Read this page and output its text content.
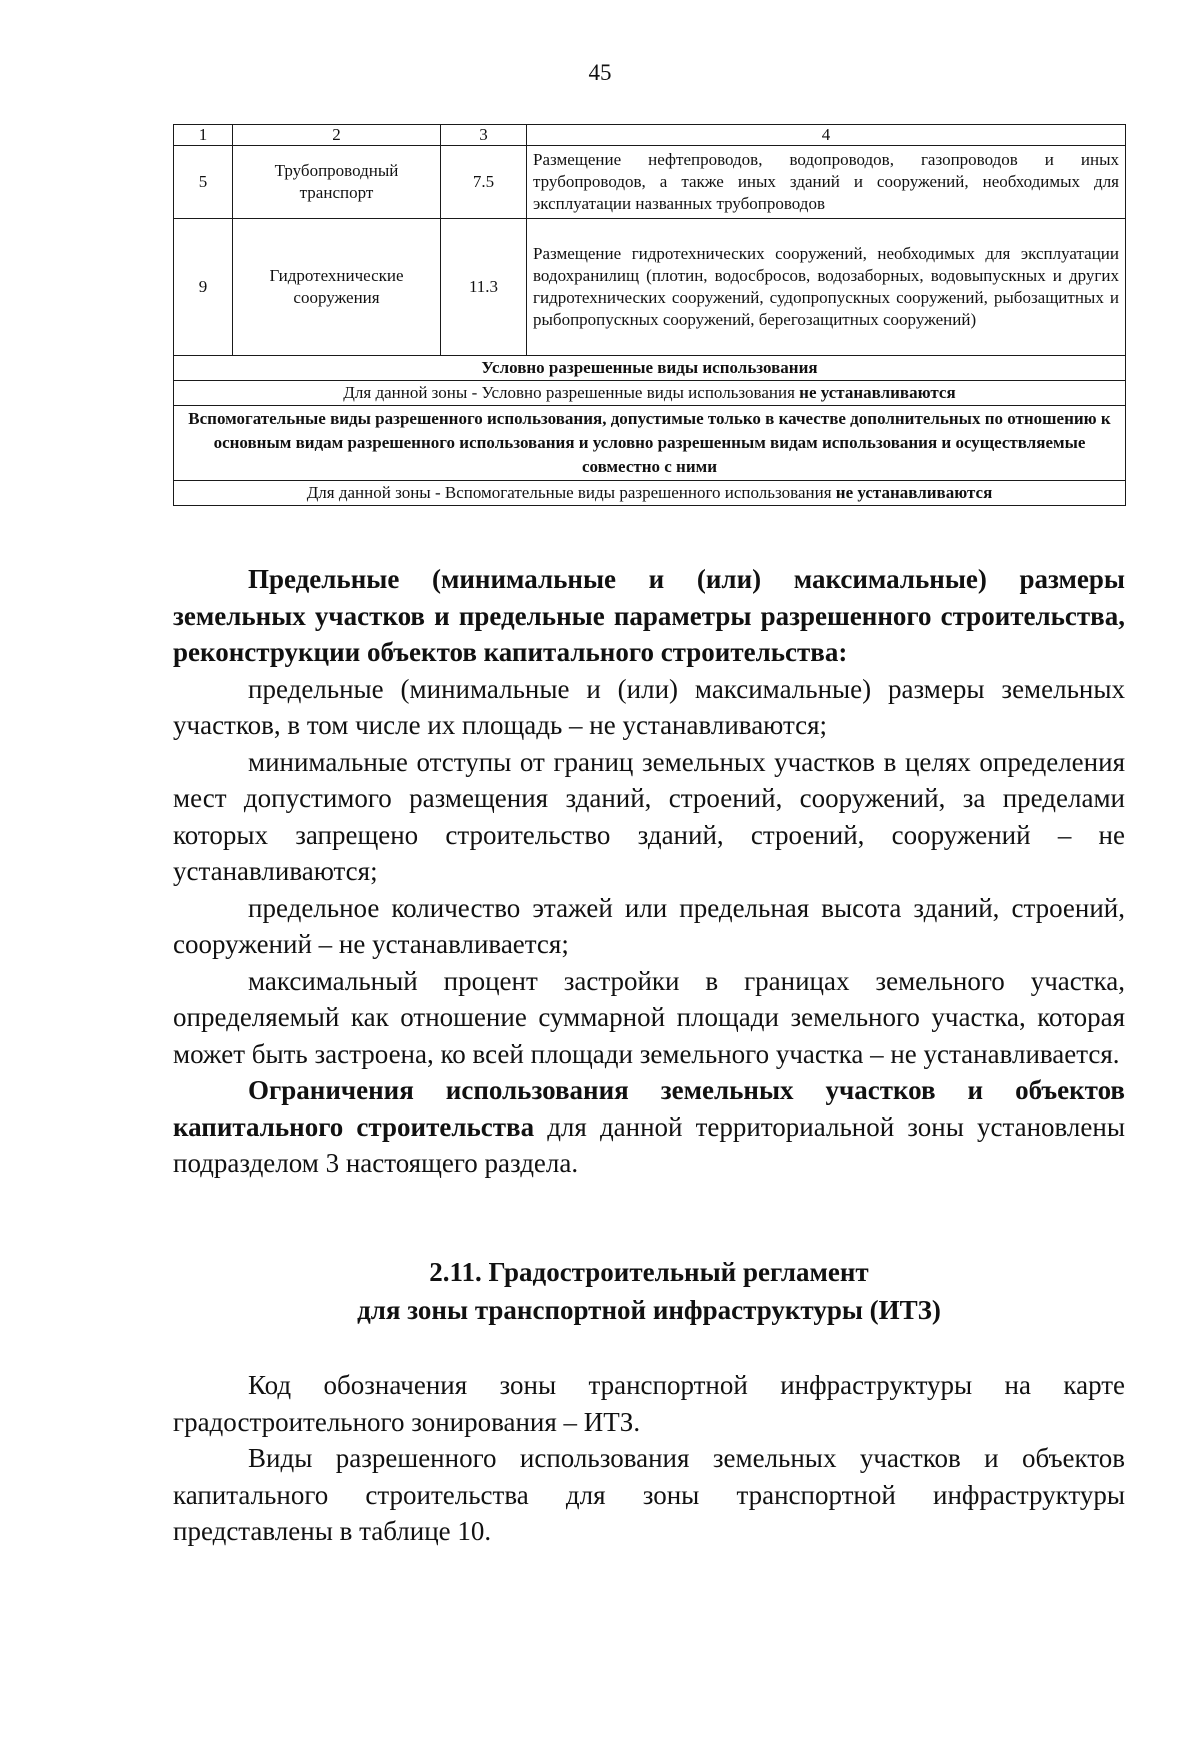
45
1	2	3	4
5	Трубопроводный транспорт	7.5	Размещение нефтепроводов, водопроводов, газопроводов и иных трубопроводов, а также иных зданий и сооружений, необходимых для эксплуатации названных трубопроводов
9	Гидротехнические сооружения	11.3	Размещение гидротехнических сооружений, необходимых для эксплуатации водохранилищ (плотин, водосбросов, водозаборных, водовыпускных и других гидротехнических сооружений, судопропускных сооружений, рыбозащитных и рыбопропускных сооружений, берегозащитных сооружений)
Условно разрешенные виды использования			
Для данной зоны - Условно разрешенные виды использования не устанавливаются			
Вспомогательные виды разрешенного использования, допустимые только в качестве дополнительных по отношению к основным видам разрешенного использования и условно разрешенным видам использования и осуществляемые совместно с ними			
Для данной зоны - Вспомогательные виды разрешенного использования не устанавливаются			

Предельные (минимальные и (или) максимальные) размеры земельных участков и предельные параметры разрешенного строительства, реконструкции объектов капитального строительства:

предельные (минимальные и (или) максимальные) размеры земельных участков, в том числе их площадь – не устанавливаются;

минимальные отступы от границ земельных участков в целях определения мест допустимого размещения зданий, строений, сооружений, за пределами которых запрещено строительство зданий, строений, сооружений – не устанавливаются;

предельное количество этажей или предельная высота зданий, строений, сооружений – не устанавливается;

максимальный процент застройки в границах земельного участка, определяемый как отношение суммарной площади земельного участка, которая может быть застроена, ко всей площади земельного участка – не устанавливается.

Ограничения использования земельных участков и объектов капитального строительства для данной территориальной зоны установлены подразделом 3 настоящего раздела.

2.11. Градостроительный регламент
для зоны транспортной инфраструктуры (ИТЗ)

Код обозначения зоны транспортной инфраструктуры на карте градостроительного зонирования – ИТЗ.

Виды разрешенного использования земельных участков и объектов капитального строительства для зоны транспортной инфраструктуры представлены в таблице 10.
